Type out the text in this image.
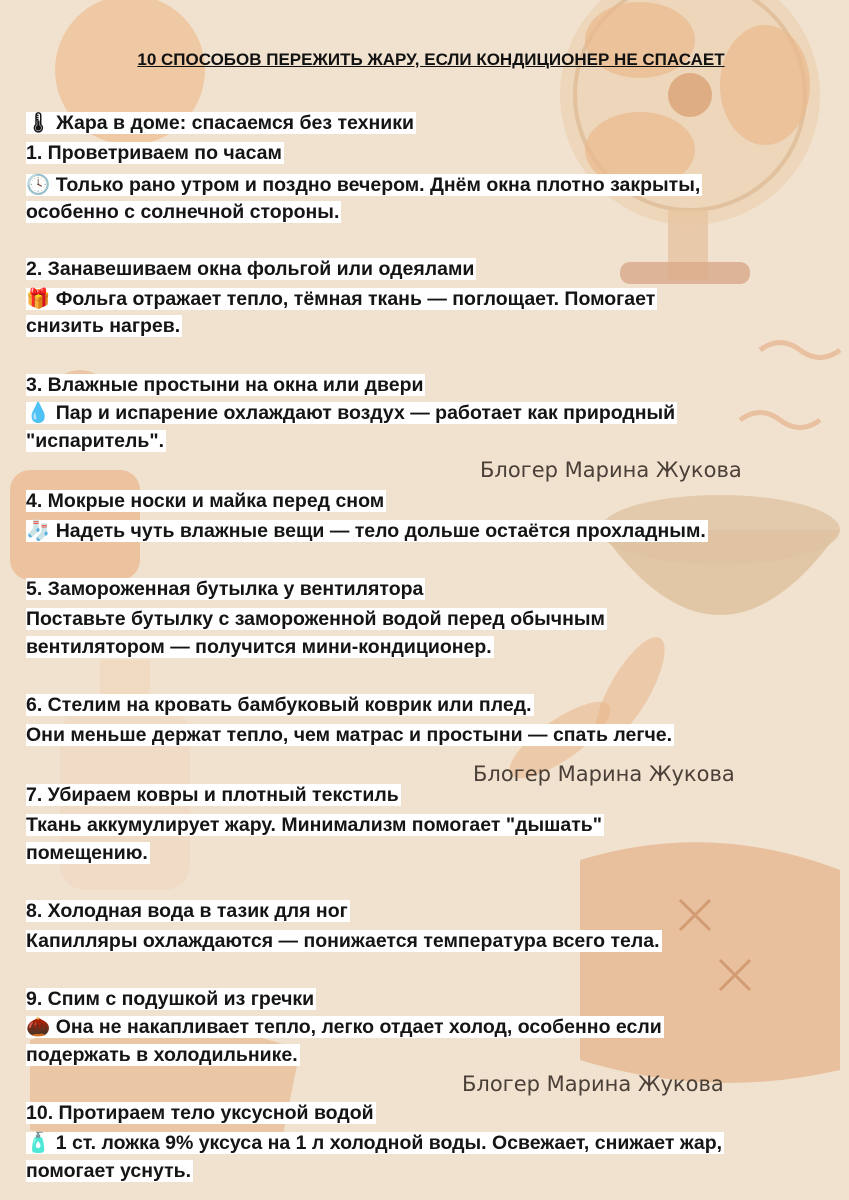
10 СПОСОБОВ ПЕРЕЖИТЬ ЖАРУ, ЕСЛИ КОНДИЦИОНЕР НЕ СПАСАЕТ
🌡 Жара в доме: спасаемся без техники
1. Проветриваем по часам
🕓 Только рано утром и поздно вечером. Днём окна плотно закрыты,
особенно с солнечной стороны.
2. Занавешиваем окна фольгой или одеялами
🎁 Фольга отражает тепло, тёмная ткань — поглощает. Помогает
снизить нагрев.
3. Влажные простыни на окна или двери
💧 Пар и испарение охлаждают воздух — работает как природный
"испаритель".
Блогер Марина Жукова
4. Мокрые носки и майка перед сном
🧦 Надеть чуть влажные вещи — тело дольше остаётся прохладным.
5. Замороженная бутылка у вентилятора
Поставьте бутылку с замороженной водой перед обычным
вентилятором — получится мини-кондиционер.
6. Стелим на кровать бамбуковый коврик или плед.
Они меньше держат тепло, чем матрас и простыни — спать легче.
Блогер Марина Жукова
7. Убираем ковры и плотный текстиль
Ткань аккумулирует жару. Минимализм помогает "дышать"
помещению.
8. Холодная вода в тазик для ног
Капилляры охлаждаются — понижается температура всего тела.
9. Спим с подушкой из гречки
🌰 Она не накапливает тепло, легко отдает холод, особенно если
подержать в холодильнике.
Блогер Марина Жукова
10. Протираем тело уксусной водой
🧴 1 ст. ложка 9% уксуса на 1 л холодной воды. Освежает, снижает жар,
помогает уснуть.
